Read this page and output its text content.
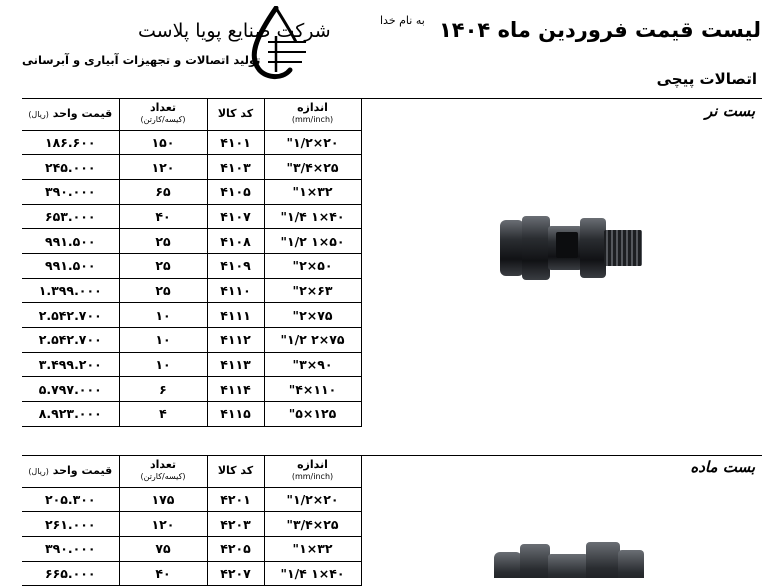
لیست قیمت فروردین ماه ۱۴۰۴
به نام خدا
شرکت صنایع پویا پلاست
تولید اتصالات و تجهیزات آبیاری و آبرسانی
اتصالات پیچی
بست نر
قیمت واحد (ریال)	تعداد
(کیسه/کارتن)	کد کالا	اندازه
(mm/inch)

۱۸۶.۶۰۰	۱۵۰	۴۱۰۱	۲۰×۱/۲"
۲۴۵.۰۰۰	۱۲۰	۴۱۰۳	۲۵×۳/۴"
۳۹۰.۰۰۰	۶۵	۴۱۰۵	۳۲×۱"
۶۵۳.۰۰۰	۴۰	۴۱۰۷	۴۰×۱ ۱/۴"
۹۹۱.۵۰۰	۲۵	۴۱۰۸	۵۰×۱ ۱/۲"
۹۹۱.۵۰۰	۲۵	۴۱۰۹	۵۰×۲"
۱.۳۹۹.۰۰۰	۲۵	۴۱۱۰	۶۳×۲"
۲.۵۴۲.۷۰۰	۱۰	۴۱۱۱	۷۵×۲"
۲.۵۴۲.۷۰۰	۱۰	۴۱۱۲	۷۵×۲ ۱/۲"
۳.۴۹۹.۲۰۰	۱۰	۴۱۱۳	۹۰×۳"
۵.۷۹۷.۰۰۰	۶	۴۱۱۴	۱۱۰×۴"
۸.۹۲۳.۰۰۰	۴	۴۱۱۵	۱۲۵×۵"
بست ماده
قیمت واحد (ریال)	تعداد
(کیسه/کارتن)	کد کالا	اندازه
(mm/inch)

۲۰۵.۳۰۰	۱۷۵	۴۲۰۱	۲۰×۱/۲"
۲۶۱.۰۰۰	۱۲۰	۴۲۰۳	۲۵×۳/۴"
۳۹۰.۰۰۰	۷۵	۴۲۰۵	۳۲×۱"
۶۶۵.۰۰۰	۴۰	۴۲۰۷	۴۰×۱ ۱/۴"
